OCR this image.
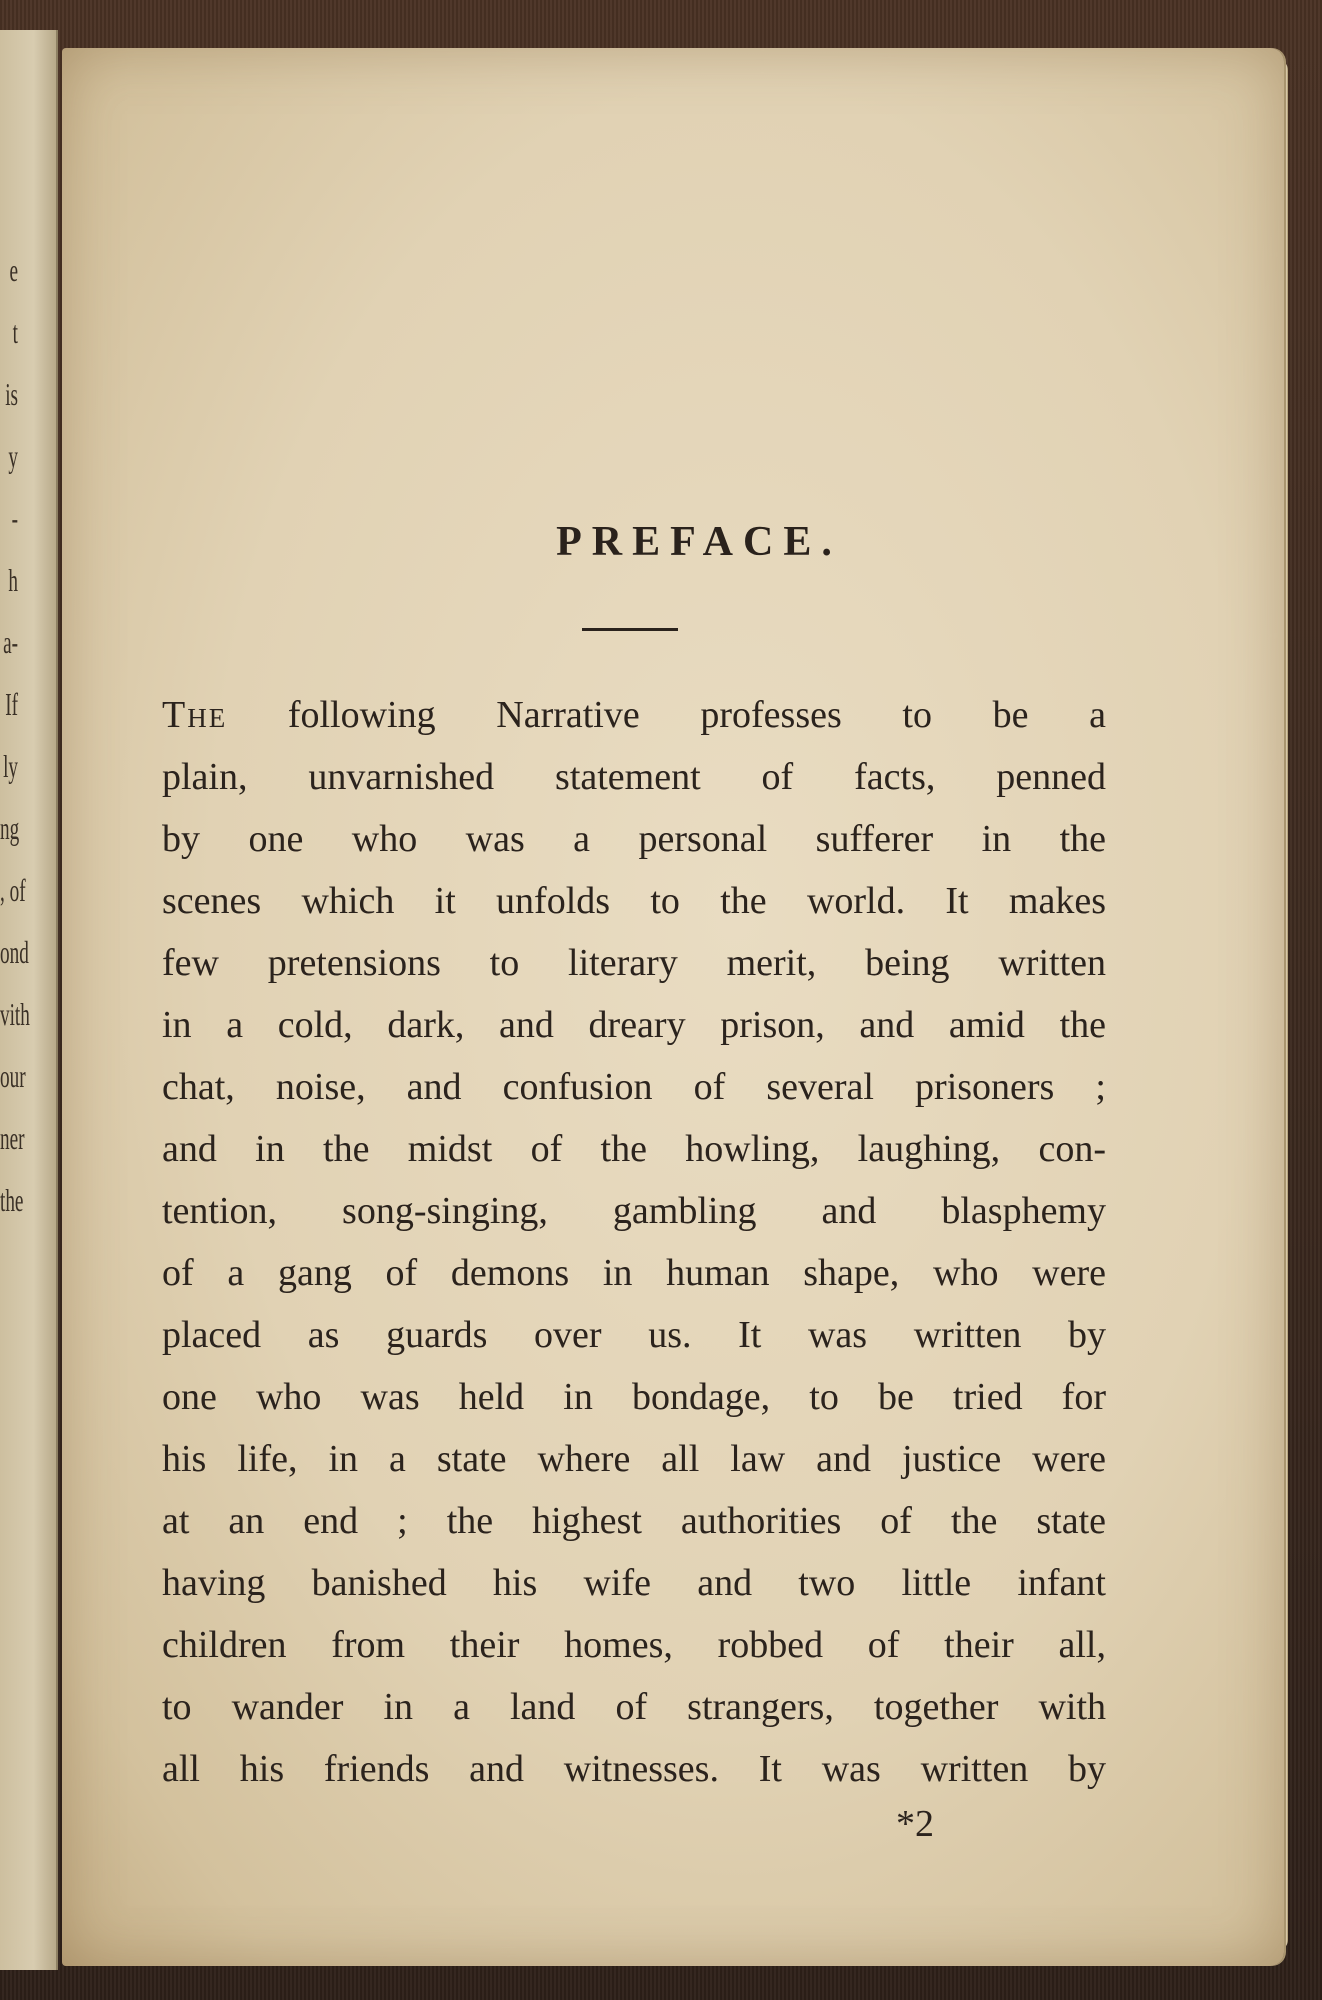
e
t
is
y
-
h
a-
If
ly
ng
, of
ond
vith
our
ner
the
PREFACE.
The following Narrative professes to be a
plain, unvarnished statement of facts, penned
by one who was a personal sufferer in the
scenes which it unfolds to the world. It makes
few pretensions to literary merit, being written
in a cold, dark, and dreary prison, and amid the
chat, noise, and confusion of several prisoners ;
and in the midst of the howling, laughing, con-
tention, song-singing, gambling and blasphemy
of a gang of demons in human shape, who were
placed as guards over us. It was written by
one who was held in bondage, to be tried for
his life, in a state where all law and justice were
at an end ; the highest authorities of the state
having banished his wife and two little infant
children from their homes, robbed of their all,
to wander in a land of strangers, together with
all his friends and witnesses. It was written by
*2
